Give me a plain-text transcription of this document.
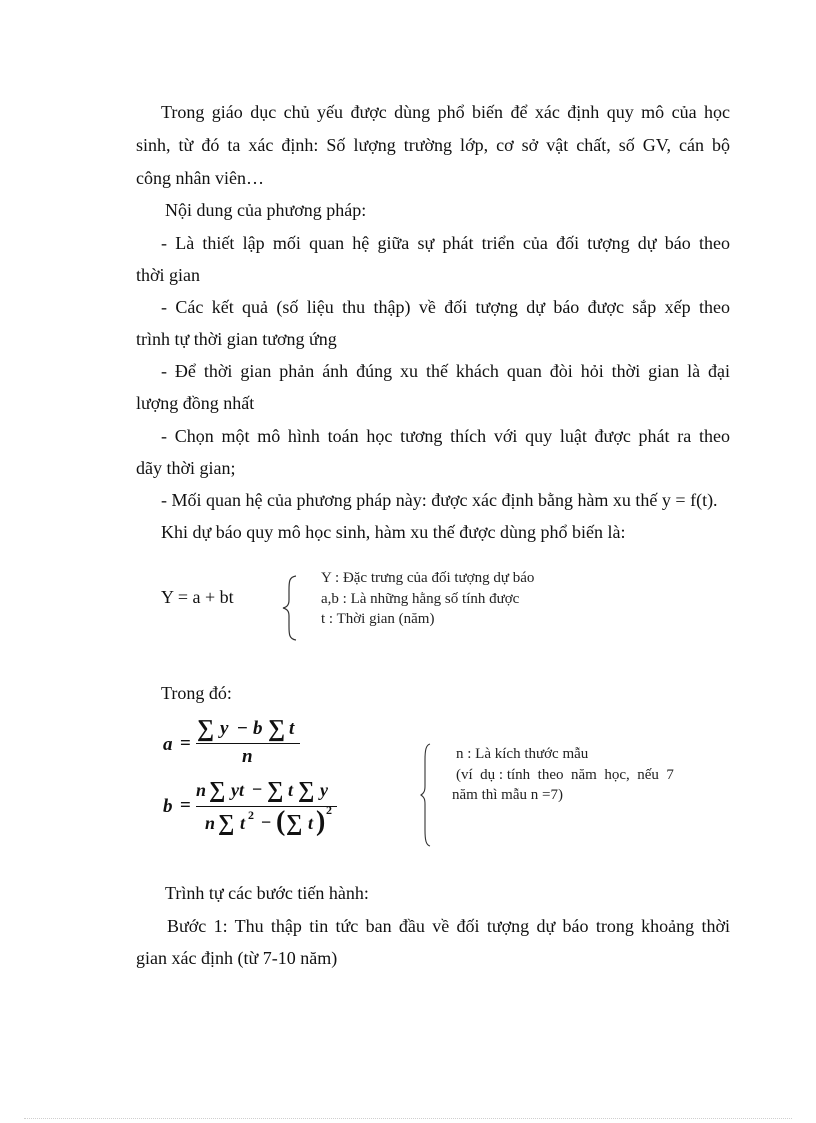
Trong giáo dục chủ yếu được dùng phổ biến để xác định quy mô của học
sinh, từ đó ta xác định: Số lượng trường lớp, cơ sở vật chất, số GV, cán bộ
công nhân viên…
Nội dung của phương pháp:
- Là thiết lập mối quan hệ giữa sự phát triển của đối tượng dự báo theo
thời gian
- Các kết quả (số liệu thu thập) về đối tượng dự báo được sắp xếp theo
trình tự thời gian tương ứng
- Để thời gian phản ánh đúng xu thế khách quan đòi hỏi thời gian là đại
lượng đồng nhất
- Chọn một mô hình toán học tương thích với quy luật được phát ra theo
dãy thời gian;
- Mối quan hệ của phương pháp này: được xác định bằng hàm xu thế y = f(t).
Khi dự báo quy mô học sinh, hàm xu thế được dùng phổ biến là:
Y = a + bt
Y : Đặc trưng của đối tượng dự báo
a,b : Là những hằng số tính được
t : Thời gian (năm)
Trong đó:
a =
∑ y − b ∑ t
n
b =
n ∑ yt − ∑ t ∑ y
n ∑ t 2 − ( ∑ t ) 2
n : Là kích thước mẫu
(ví  dụ : tính  theo  năm  học,  nếu  7
năm thì mẫu n =7)
Trình tự các bước tiến hành:
Bước 1: Thu thập tin tức ban đầu về đối tượng dự báo trong khoảng thời
gian xác định (từ 7-10 năm)
